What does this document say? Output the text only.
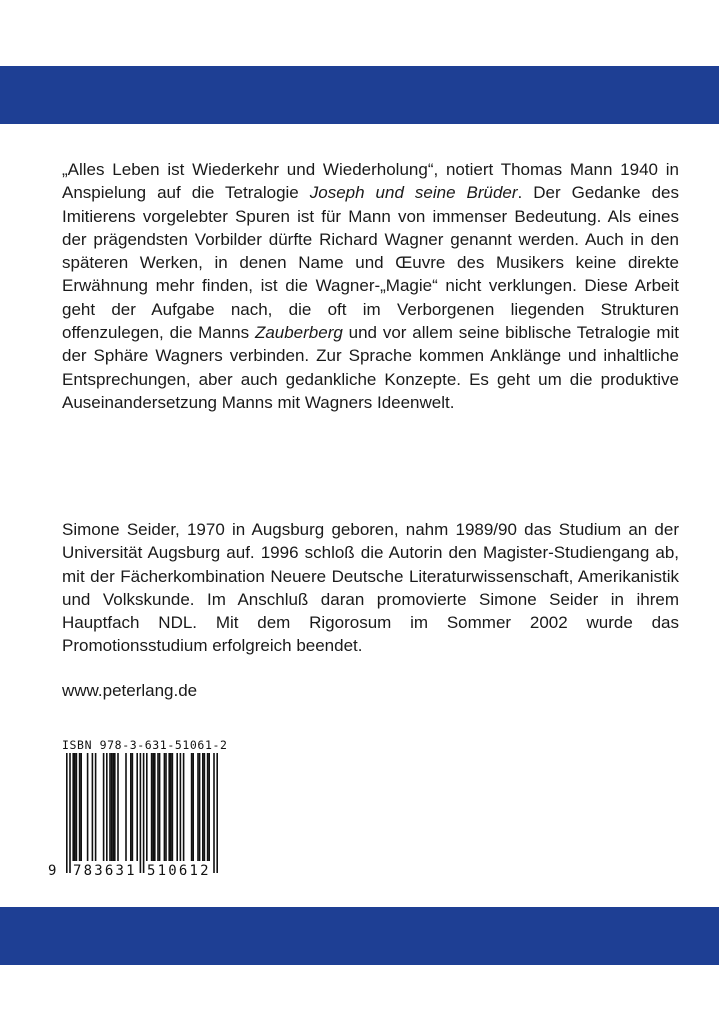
„Alles Leben ist Wiederkehr und Wiederholung“, notiert Thomas Mann 1940 in Anspielung auf die Tetralogie Joseph und seine Brüder. Der Gedanke des Imitierens vorgelebter Spuren ist für Mann von immenser Bedeutung. Als eines der prägendsten Vorbilder dürfte Richard Wagner genannt werden. Auch in den späteren Werken, in denen Name und Œuvre des Musikers keine direkte Erwähnung mehr finden, ist die Wagner-„Magie“ nicht verklungen. Diese Arbeit geht der Aufgabe nach, die oft im Verborgenen liegenden Strukturen offenzulegen, die Manns Zauberberg und vor allem seine biblische Tetralogie mit der Sphäre Wagners verbinden. Zur Sprache kommen Anklänge und inhaltliche Entsprechungen, aber auch gedankliche Konzepte. Es geht um die produktive Auseinandersetzung Manns mit Wagners Ideenwelt.

Simone Seider, 1970 in Augsburg geboren, nahm 1989/90 das Studium an der Universität Augsburg auf. 1996 schloß die Autorin den Magister-Studiengang ab, mit der Fächerkombination Neuere Deutsche Literaturwissenschaft, Amerikanistik und Volkskunde. Im Anschluß daran promovierte Simone Seider in ihrem Hauptfach NDL. Mit dem Rigorosum im Sommer 2002 wurde das Promotionsstudium erfolgreich beendet.

www.peterlang.de

ISBN 978-3-631-51061-2
9 783631 510612
